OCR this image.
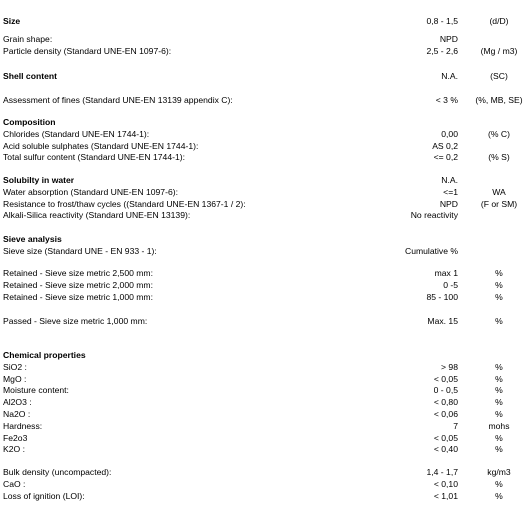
Size	0,8 - 1,5	(d/D)
Grain shape:	NPD
Particle density (Standard UNE-EN 1097-6):	2,5 - 2,6	(Mg / m3)
Shell content	N.A.	(SC)
Assessment of fines (Standard UNE-EN 13139 appendix C):	< 3 %	(%, MB, SE)
Composition
Chlorides (Standard UNE-EN 1744-1):	0,00	(% C)
Acid soluble sulphates (Standard UNE-EN 1744-1):	AS 0,2
Total sulfur content (Standard UNE-EN 1744-1):	<= 0,2	(% S)
Solubilty in water	N.A.
Water absorption (Standard UNE-EN 1097-6):	<=1	WA
Resistance to frost/thaw cycles ((Standard UNE-EN 1367-1 / 2):	NPD	(F or SM)
Alkali-Silica reactivity (Standard UNE-EN 13139):	No reactivity
Sieve analysis
Sieve size (Standard UNE - EN 933 - 1):	Cumulative %
Retained - Sieve size metric 2,500 mm:	max 1	%
Retained - Sieve size metric 2,000 mm:	0 -5	%
Retained - Sieve size metric 1,000 mm:	85 - 100	%
Passed - Sieve size metric 1,000 mm:	Max. 15	%
Chemical properties
SiO2 :	> 98	%
MgO :	< 0,05	%
Moisture content:	0 - 0,5	%
Al2O3 :	< 0,80	%
Na2O :	< 0,06	%
Hardness:	7	mohs
Fe2o3	< 0,05	%
K2O :	< 0,40	%
Bulk density (uncompacted):	1,4 - 1,7	kg/m3
CaO :	< 0,10	%
Loss of ignition (LOI):	< 1,01	%
